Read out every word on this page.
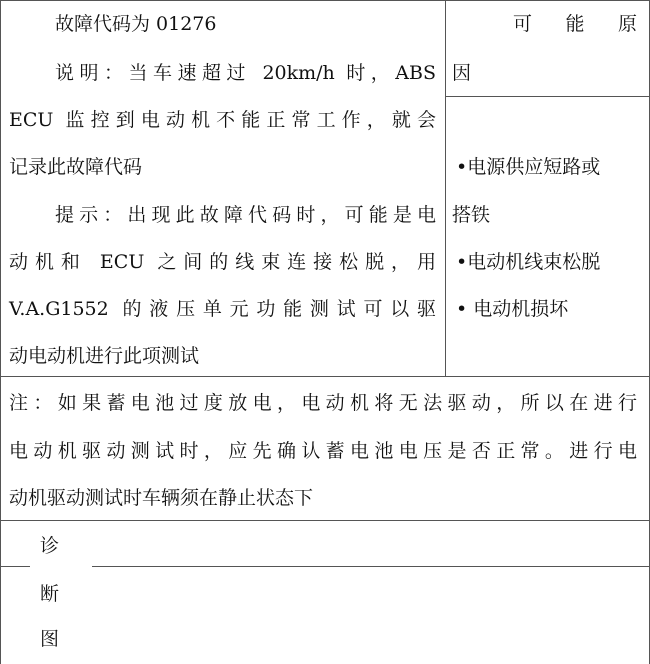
故障代码为 01276
说明：当车速超过 20km/h 时，ABS
ECU 监控到电动机不能正常工作，就会
记录此故障代码
提示：出现此故障代码时，可能是电
动机和 ECU 之间的线束连接松脱，用
V.A.G1552 的液压单元功能测试可以驱
动电动机进行此项测试
可 能 原
因
•电源供应短路或
搭铁
•电动机线束松脱
• 电动机损坏
注：如果蓄电池过度放电，电动机将无法驱动，所以在进行
电动机驱动测试时，应先确认蓄电池电压是否正常。进行电
动机驱动测试时车辆须在静止状态下
诊
断
图
